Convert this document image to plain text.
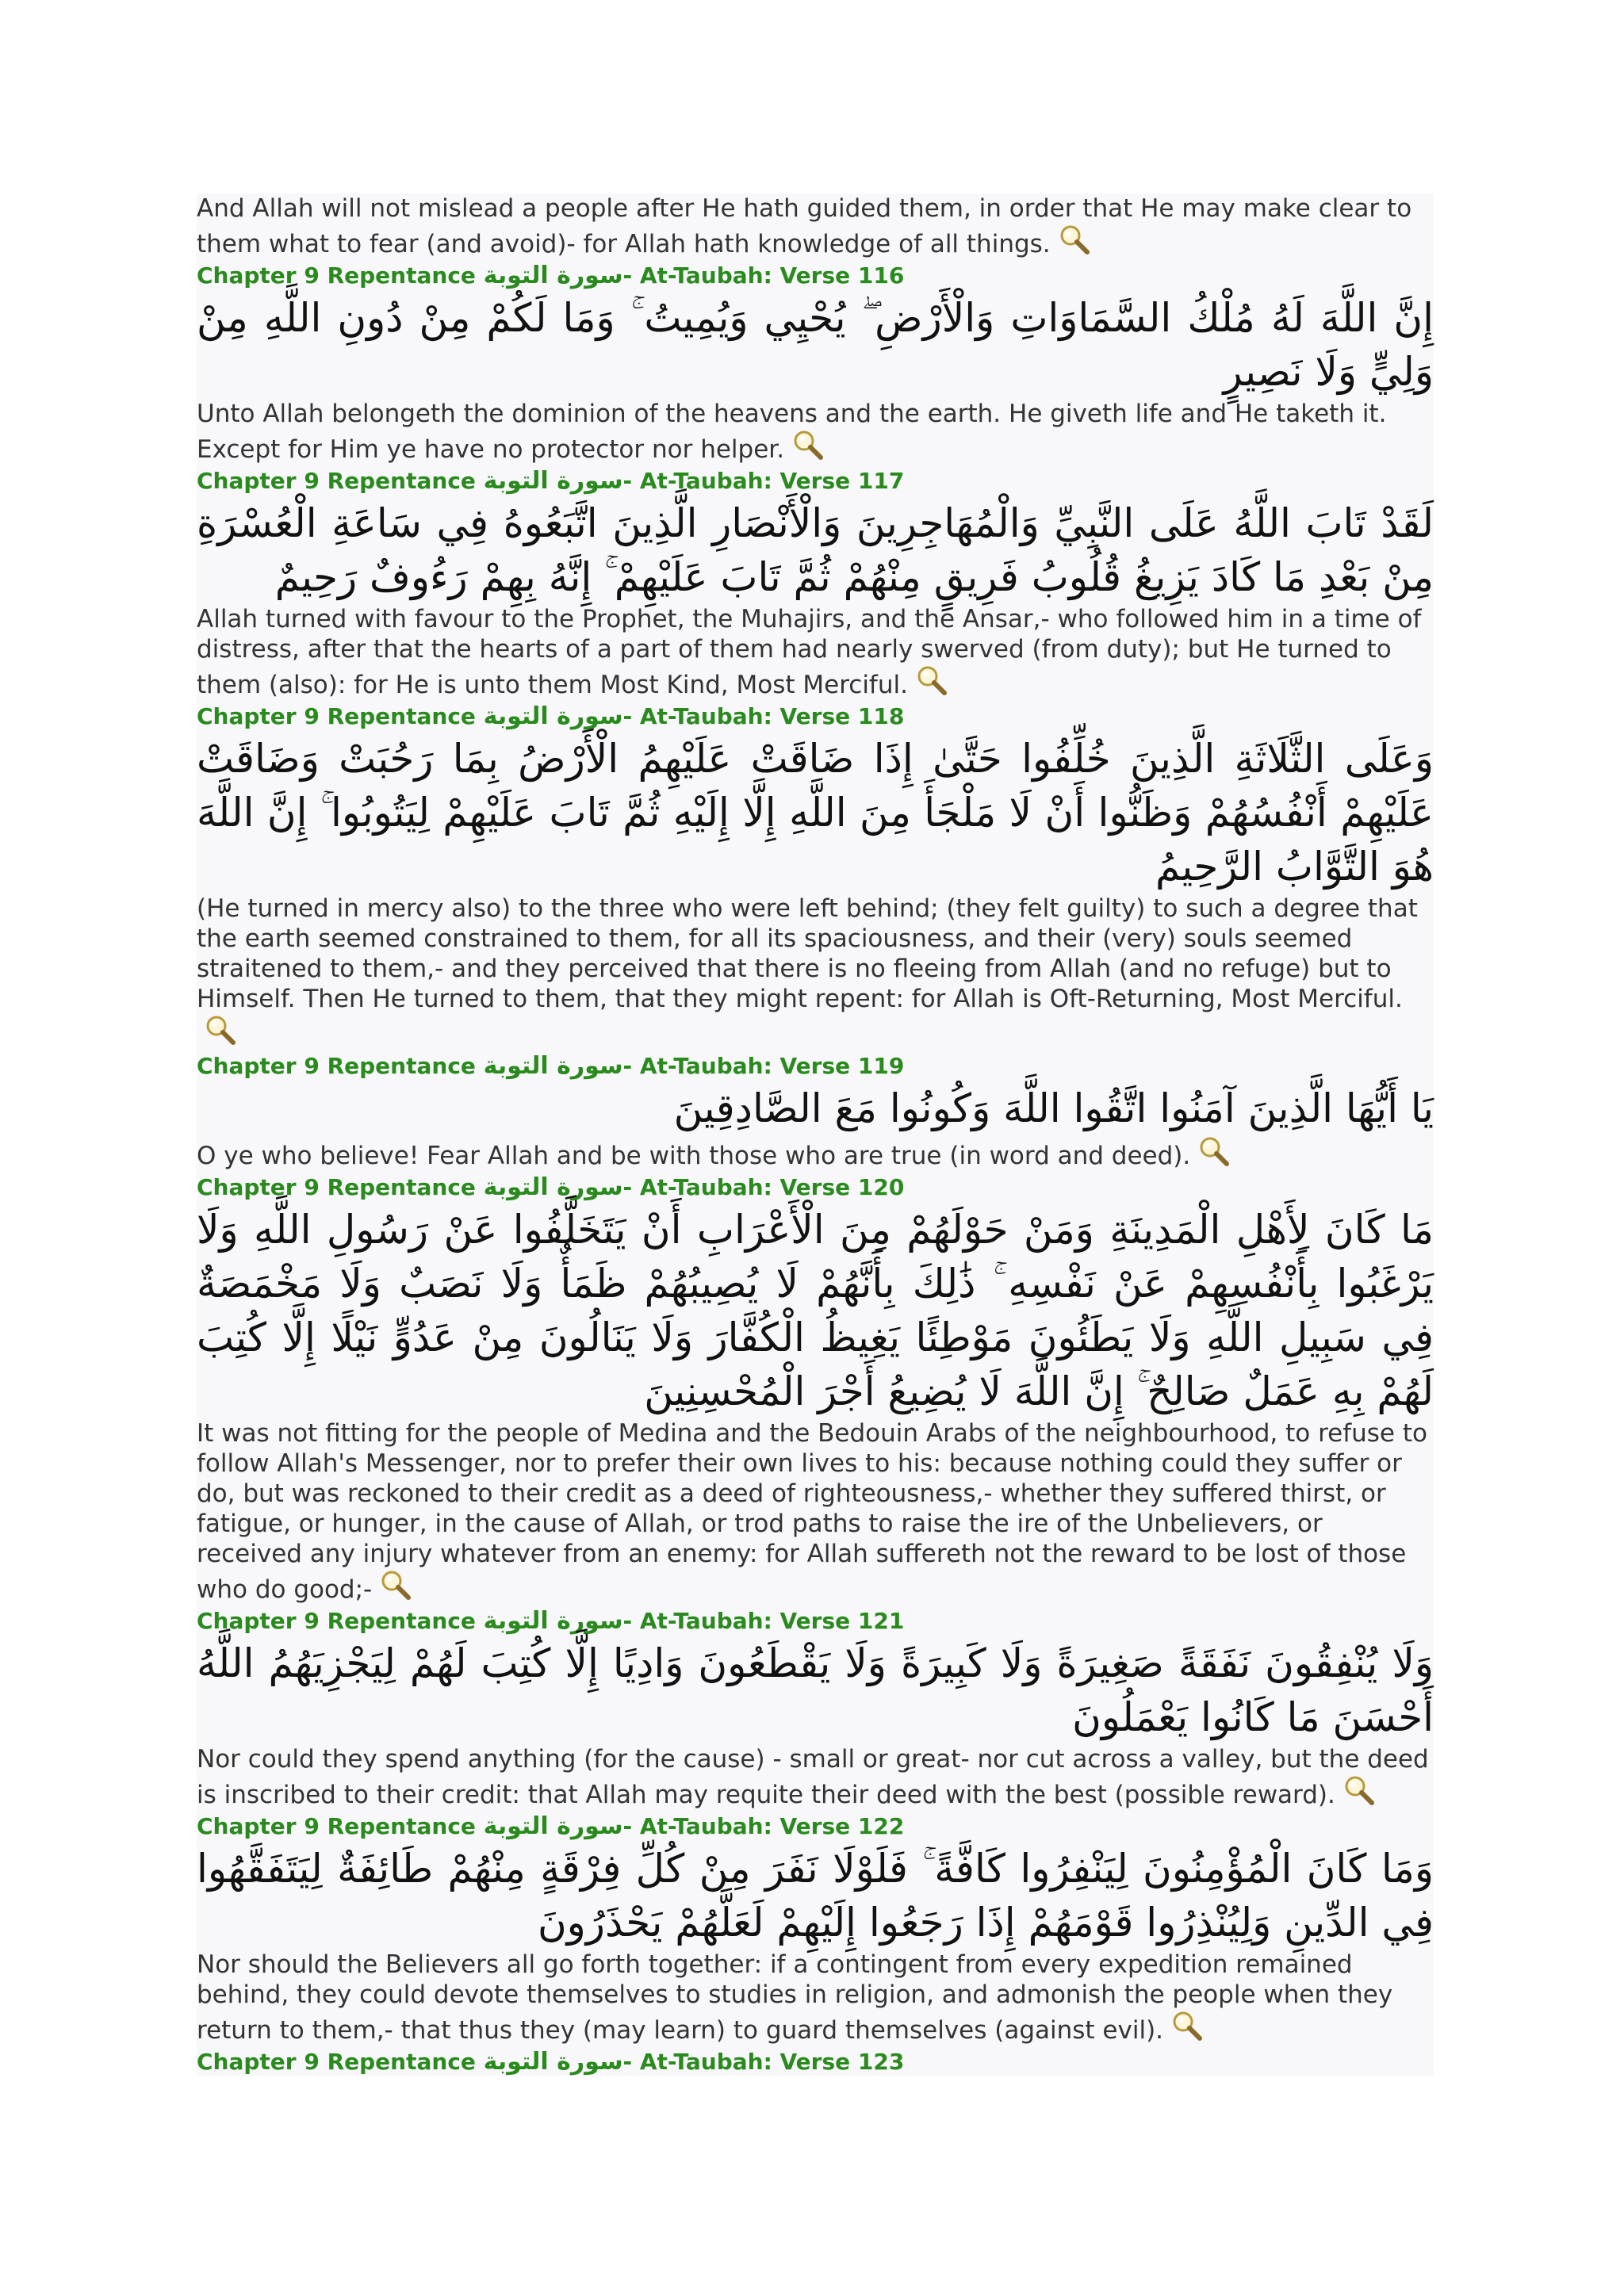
And Allah will not mislead a people after He hath guided them, in order that He may make clear to them what to fear (and avoid)- for Allah hath knowledge of all things.

Chapter 9 Repentance سورة التوبة- At-Taubah: Verse 116

إِنَّ اللَّهَ لَهُ مُلْكُ السَّمَاوَاتِ وَالْأَرْضِ ۖ يُحْيِي وَيُمِيتُ ۚ وَمَا لَكُمْ مِنْ دُونِ اللَّهِ مِنْ وَلِيٍّ وَلَا نَصِيرٍ

Unto Allah belongeth the dominion of the heavens and the earth. He giveth life and He taketh it. Except for Him ye have no protector nor helper.

Chapter 9 Repentance سورة التوبة- At-Taubah: Verse 117

لَقَدْ تَابَ اللَّهُ عَلَى النَّبِيِّ وَالْمُهَاجِرِينَ وَالْأَنْصَارِ الَّذِينَ اتَّبَعُوهُ فِي سَاعَةِ الْعُسْرَةِ مِنْ بَعْدِ مَا كَادَ يَزِيغُ قُلُوبُ فَرِيقٍ مِنْهُمْ ثُمَّ تَابَ عَلَيْهِمْ ۚ إِنَّهُ بِهِمْ رَءُوفٌ رَحِيمٌ

Allah turned with favour to the Prophet, the Muhajirs, and the Ansar,- who followed him in a time of distress, after that the hearts of a part of them had nearly swerved (from duty); but He turned to them (also): for He is unto them Most Kind, Most Merciful.

Chapter 9 Repentance سورة التوبة- At-Taubah: Verse 118

وَعَلَى الثَّلَاثَةِ الَّذِينَ خُلِّفُوا حَتَّىٰ إِذَا ضَاقَتْ عَلَيْهِمُ الْأَرْضُ بِمَا رَحُبَتْ وَضَاقَتْ عَلَيْهِمْ أَنْفُسُهُمْ وَظَنُّوا أَنْ لَا مَلْجَأَ مِنَ اللَّهِ إِلَّا إِلَيْهِ ثُمَّ تَابَ عَلَيْهِمْ لِيَتُوبُوا ۚ إِنَّ اللَّهَ هُوَ التَّوَّابُ الرَّحِيمُ

(He turned in mercy also) to the three who were left behind; (they felt guilty) to such a degree that the earth seemed constrained to them, for all its spaciousness, and their (very) souls seemed straitened to them,- and they perceived that there is no fleeing from Allah (and no refuge) but to Himself. Then He turned to them, that they might repent: for Allah is Oft-Returning, Most Merciful.

Chapter 9 Repentance سورة التوبة- At-Taubah: Verse 119

يَا أَيُّهَا الَّذِينَ آمَنُوا اتَّقُوا اللَّهَ وَكُونُوا مَعَ الصَّادِقِينَ

O ye who believe! Fear Allah and be with those who are true (in word and deed).

Chapter 9 Repentance سورة التوبة- At-Taubah: Verse 120

مَا كَانَ لِأَهْلِ الْمَدِينَةِ وَمَنْ حَوْلَهُمْ مِنَ الْأَعْرَابِ أَنْ يَتَخَلَّفُوا عَنْ رَسُولِ اللَّهِ وَلَا يَرْغَبُوا بِأَنْفُسِهِمْ عَنْ نَفْسِهِ ۚ ذَٰلِكَ بِأَنَّهُمْ لَا يُصِيبُهُمْ ظَمَأٌ وَلَا نَصَبٌ وَلَا مَخْمَصَةٌ فِي سَبِيلِ اللَّهِ وَلَا يَطَئُونَ مَوْطِئًا يَغِيظُ الْكُفَّارَ وَلَا يَنَالُونَ مِنْ عَدُوٍّ نَيْلًا إِلَّا كُتِبَ لَهُمْ بِهِ عَمَلٌ صَالِحٌ ۚ إِنَّ اللَّهَ لَا يُضِيعُ أَجْرَ الْمُحْسِنِينَ

It was not fitting for the people of Medina and the Bedouin Arabs of the neighbourhood, to refuse to follow Allah's Messenger, nor to prefer their own lives to his: because nothing could they suffer or do, but was reckoned to their credit as a deed of righteousness,- whether they suffered thirst, or fatigue, or hunger, in the cause of Allah, or trod paths to raise the ire of the Unbelievers, or received any injury whatever from an enemy: for Allah suffereth not the reward to be lost of those who do good;-

Chapter 9 Repentance سورة التوبة- At-Taubah: Verse 121

وَلَا يُنْفِقُونَ نَفَقَةً صَغِيرَةً وَلَا كَبِيرَةً وَلَا يَقْطَعُونَ وَادِيًا إِلَّا كُتِبَ لَهُمْ لِيَجْزِيَهُمُ اللَّهُ أَحْسَنَ مَا كَانُوا يَعْمَلُونَ

Nor could they spend anything (for the cause) - small or great- nor cut across a valley, but the deed is inscribed to their credit: that Allah may requite their deed with the best (possible reward).

Chapter 9 Repentance سورة التوبة- At-Taubah: Verse 122

وَمَا كَانَ الْمُؤْمِنُونَ لِيَنْفِرُوا كَافَّةً ۚ فَلَوْلَا نَفَرَ مِنْ كُلِّ فِرْقَةٍ مِنْهُمْ طَائِفَةٌ لِيَتَفَقَّهُوا فِي الدِّينِ وَلِيُنْذِرُوا قَوْمَهُمْ إِذَا رَجَعُوا إِلَيْهِمْ لَعَلَّهُمْ يَحْذَرُونَ

Nor should the Believers all go forth together: if a contingent from every expedition remained behind, they could devote themselves to studies in religion, and admonish the people when they return to them,- that thus they (may learn) to guard themselves (against evil).

Chapter 9 Repentance سورة التوبة- At-Taubah: Verse 123
